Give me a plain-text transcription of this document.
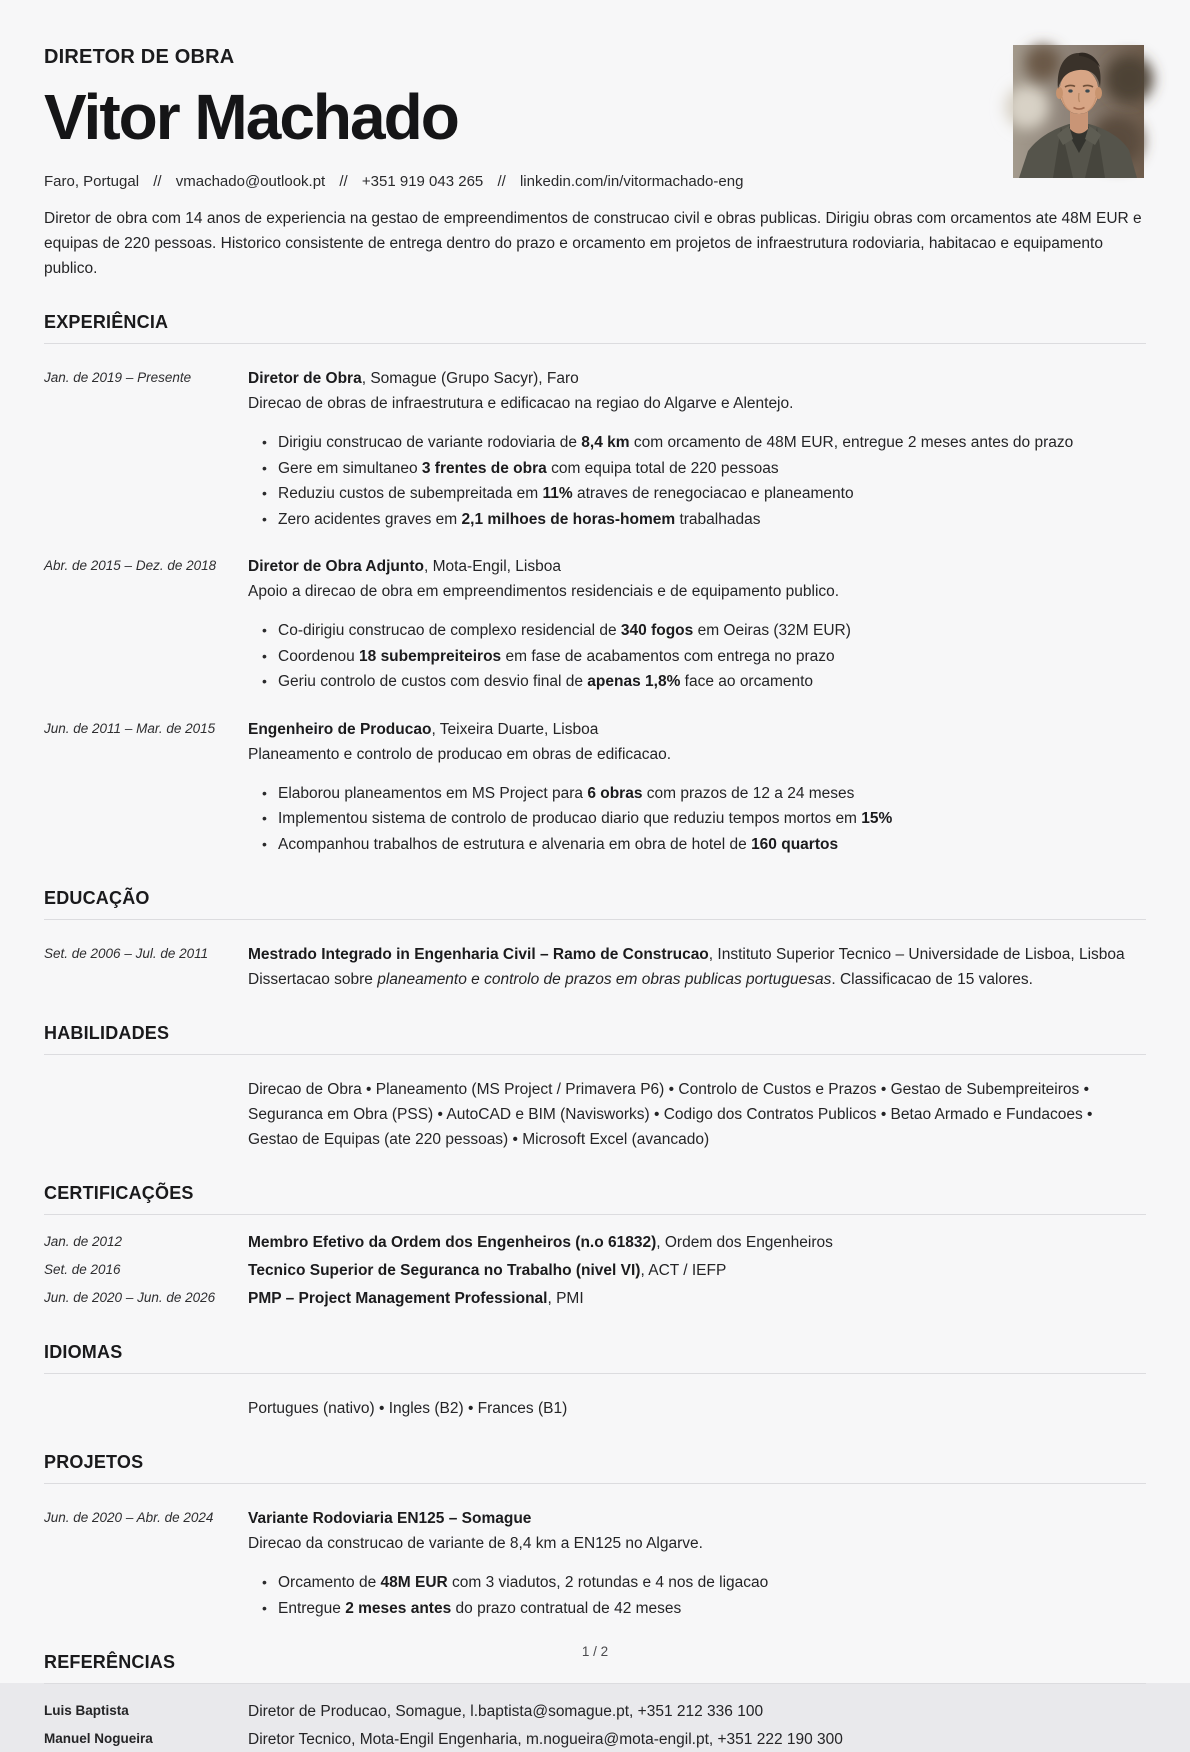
DIRETOR DE OBRA
Vitor Machado
Faro, Portugal // vmachado@outlook.pt // +351 919 043 265 // linkedin.com/in/vitormachado-eng

Diretor de obra com 14 anos de experiencia na gestao de empreendimentos de construcao civil e obras publicas. Dirigiu obras com orcamentos ate 48M EUR e equipas de 220 pessoas. Historico consistente de entrega dentro do prazo e orcamento em projetos de infraestrutura rodoviaria, habitacao e equipamento publico.

EXPERIÊNCIA
Jan. de 2019 – Presente	Diretor de Obra, Somague (Grupo Sacyr), Faro
Direcao de obras de infraestrutura e edificacao na regiao do Algarve e Alentejo.
• Dirigiu construcao de variante rodoviaria de 8,4 km com orcamento de 48M EUR, entregue 2 meses antes do prazo
• Gere em simultaneo 3 frentes de obra com equipa total de 220 pessoas
• Reduziu custos de subempreitada em 11% atraves de renegociacao e planeamento
• Zero acidentes graves em 2,1 milhoes de horas-homem trabalhadas
Abr. de 2015 – Dez. de 2018	Diretor de Obra Adjunto, Mota-Engil, Lisboa
Apoio a direcao de obra em empreendimentos residenciais e de equipamento publico.
• Co-dirigiu construcao de complexo residencial de 340 fogos em Oeiras (32M EUR)
• Coordenou 18 subempreiteiros em fase de acabamentos com entrega no prazo
• Geriu controlo de custos com desvio final de apenas 1,8% face ao orcamento
Jun. de 2011 – Mar. de 2015	Engenheiro de Producao, Teixeira Duarte, Lisboa
Planeamento e controlo de producao em obras de edificacao.
• Elaborou planeamentos em MS Project para 6 obras com prazos de 12 a 24 meses
• Implementou sistema de controlo de producao diario que reduziu tempos mortos em 15%
• Acompanhou trabalhos de estrutura e alvenaria em obra de hotel de 160 quartos
EDUCAÇÃO
Set. de 2006 – Jul. de 2011	Mestrado Integrado in Engenharia Civil – Ramo de Construcao, Instituto Superior Tecnico – Universidade de Lisboa, Lisboa
Dissertacao sobre planeamento e controlo de prazos em obras publicas portuguesas. Classificacao de 15 valores.
HABILIDADES
Direcao de Obra • Planeamento (MS Project / Primavera P6) • Controlo de Custos e Prazos • Gestao de Subempreiteiros • Seguranca em Obra (PSS) • AutoCAD e BIM (Navisworks) • Codigo dos Contratos Publicos • Betao Armado e Fundacoes • Gestao de Equipas (ate 220 pessoas) • Microsoft Excel (avancado)
CERTIFICAÇÕES
Jan. de 2012	Membro Efetivo da Ordem dos Engenheiros (n.o 61832), Ordem dos Engenheiros
Set. de 2016	Tecnico Superior de Seguranca no Trabalho (nivel VI), ACT / IEFP
Jun. de 2020 – Jun. de 2026	PMP – Project Management Professional, PMI
IDIOMAS
Portugues (nativo) • Ingles (B2) • Frances (B1)
PROJETOS
Jun. de 2020 – Abr. de 2024	Variante Rodoviaria EN125 – Somague
Direcao da construcao de variante de 8,4 km a EN125 no Algarve.
• Orcamento de 48M EUR com 3 viadutos, 2 rotundas e 4 nos de ligacao
• Entregue 2 meses antes do prazo contratual de 42 meses
REFERÊNCIAS
Luis Baptista	Diretor de Producao, Somague, l.baptista@somague.pt, +351 212 336 100
Manuel Nogueira	Diretor Tecnico, Mota-Engil Engenharia, m.nogueira@mota-engil.pt, +351 222 190 300
1 / 2
